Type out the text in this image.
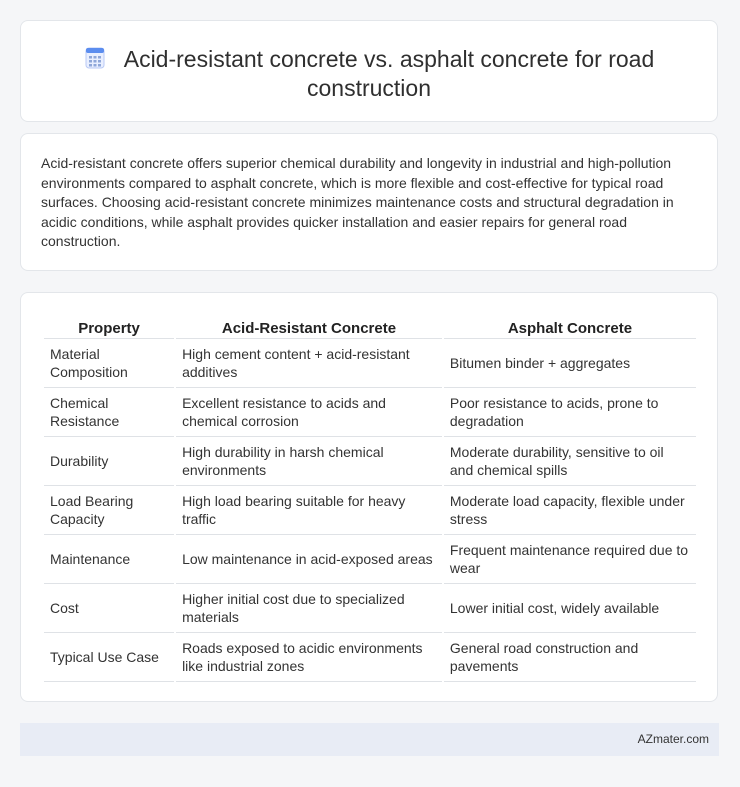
Acid-resistant concrete vs. asphalt concrete for road construction
Acid-resistant concrete offers superior chemical durability and longevity in industrial and high-pollution environments compared to asphalt concrete, which is more flexible and cost-effective for typical road surfaces. Choosing acid-resistant concrete minimizes maintenance costs and structural degradation in acidic conditions, while asphalt provides quicker installation and easier repairs for general road construction.
Property	Acid-Resistant Concrete	Asphalt Concrete
Material Composition	High cement content + acid-resistant additives	Bitumen binder + aggregates
Chemical Resistance	Excellent resistance to acids and chemical corrosion	Poor resistance to acids, prone to degradation
Durability	High durability in harsh chemical environments	Moderate durability, sensitive to oil and chemical spills
Load Bearing Capacity	High load bearing suitable for heavy traffic	Moderate load capacity, flexible under stress
Maintenance	Low maintenance in acid-exposed areas	Frequent maintenance required due to wear
Cost	Higher initial cost due to specialized materials	Lower initial cost, widely available
Typical Use Case	Roads exposed to acidic environments like industrial zones	General road construction and pavements
AZmater.com
